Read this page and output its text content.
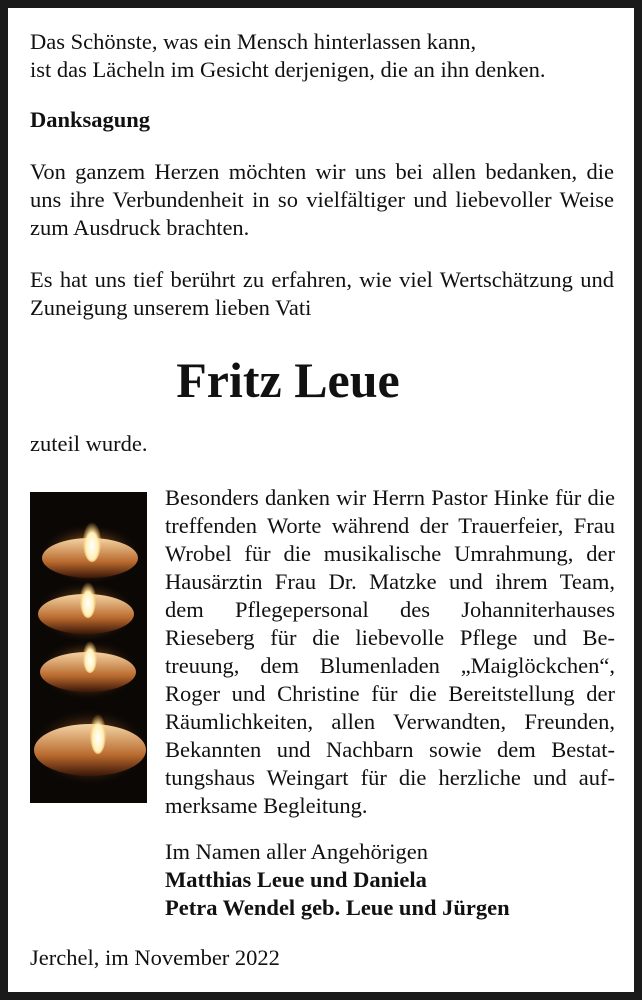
Das Schönste, was ein Mensch hinterlassen kann,
ist das Lächeln im Gesicht derjenigen, die an ihn denken.
Danksagung
Von ganzem Herzen möchten wir uns bei allen bedanken, die uns ihre Verbundenheit in so vielfältiger und liebevoller Weise zum Ausdruck brachten.
Es hat uns tief berührt zu erfahren, wie viel Wertschätzung und Zuneigung unserem lieben Vati
Fritz Leue
zuteil wurde.
Besonders danken wir Herrn Pastor Hinke für die treffenden Worte während der Trauerfeier, Frau Wrobel für die musikalische Umrahmung, der Hausärztin Frau Dr. Matzke und ihrem Team, dem Pflegepersonal des Johanniterhauses Rieseberg für die liebevolle Pflege und Betreuung, dem Blumenladen „Maiglöckchen“, Roger und Christine für die Bereitstellung der Räumlichkeiten, allen Verwandten, Freunden, Bekannten und Nachbarn sowie dem Bestattungshaus Weingart für die herzliche und aufmerksame Begleitung.
Im Namen aller Angehörigen
Matthias Leue und Daniela
Petra Wendel geb. Leue und Jürgen
Jerchel, im November 2022
